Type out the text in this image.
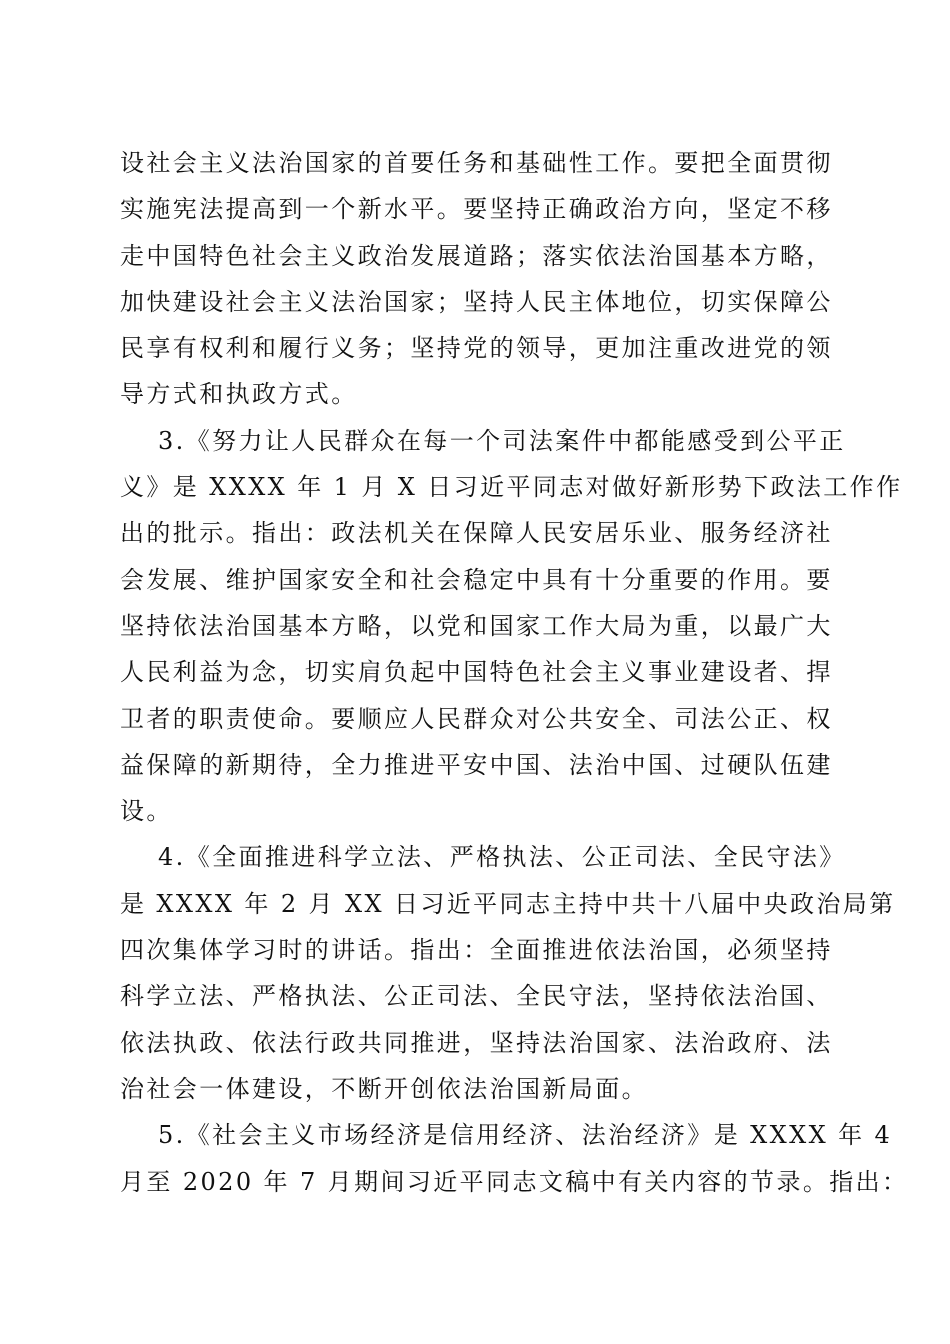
设社会主义法治国家的首要任务和基础性工作。要把全面贯彻
实施宪法提高到一个新水平。要坚持正确政治方向，坚定不移
走中国特色社会主义政治发展道路；落实依法治国基本方略，
加快建设社会主义法治国家；坚持人民主体地位，切实保障公
民享有权利和履行义务；坚持党的领导，更加注重改进党的领
导方式和执政方式。
3.《努力让人民群众在每一个司法案件中都能感受到公平正
义》是 XXXX 年 1 月 X 日习近平同志对做好新形势下政法工作作
出的批示。指出：政法机关在保障人民安居乐业、服务经济社
会发展、维护国家安全和社会稳定中具有十分重要的作用。要
坚持依法治国基本方略，以党和国家工作大局为重，以最广大
人民利益为念，切实肩负起中国特色社会主义事业建设者、捍
卫者的职责使命。要顺应人民群众对公共安全、司法公正、权
益保障的新期待，全力推进平安中国、法治中国、过硬队伍建
设。
4.《全面推进科学立法、严格执法、公正司法、全民守法》
是 XXXX 年 2 月 XX 日习近平同志主持中共十八届中央政治局第
四次集体学习时的讲话。指出：全面推进依法治国，必须坚持
科学立法、严格执法、公正司法、全民守法，坚持依法治国、
依法执政、依法行政共同推进，坚持法治国家、法治政府、法
治社会一体建设，不断开创依法治国新局面。
5.《社会主义市场经济是信用经济、法治经济》是 XXXX 年 4
月至 2020 年 7 月期间习近平同志文稿中有关内容的节录。指出：
